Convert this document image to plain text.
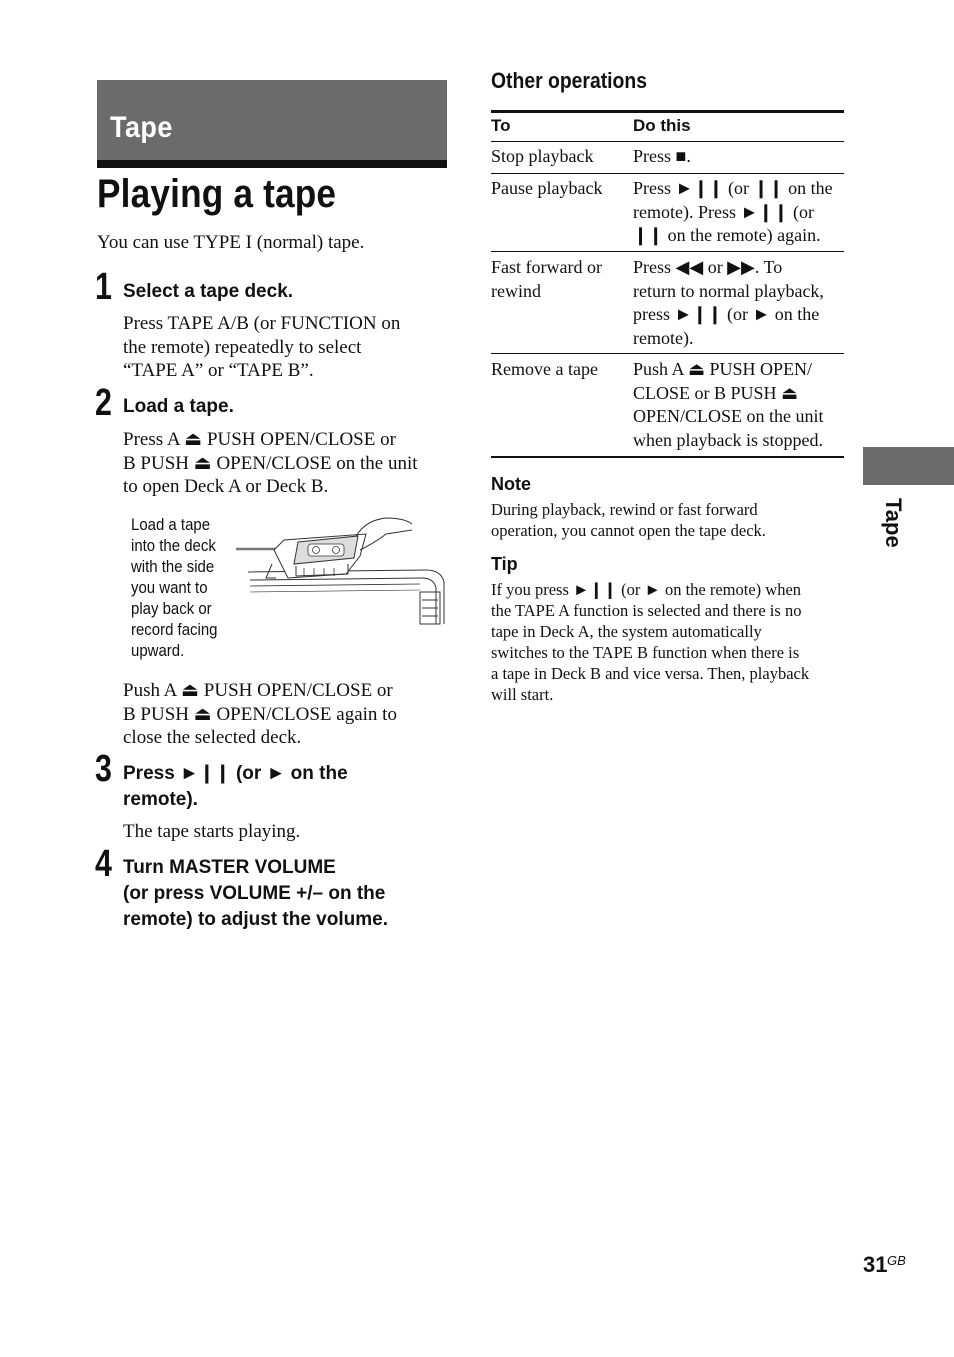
Tape
Playing a tape
You can use TYPE I (normal) tape.
1 Select a tape deck.
Press TAPE A/B (or FUNCTION on
the remote) repeatedly to select
“TAPE A” or “TAPE B”.
2 Load a tape.
Press A ⏏ PUSH OPEN/CLOSE or
B PUSH ⏏ OPEN/CLOSE on the unit
to open Deck A or Deck B.
Load a tape
into the deck
with the side
you want to
play back or
record facing
upward.
Push A ⏏ PUSH OPEN/CLOSE or
B PUSH ⏏ OPEN/CLOSE again to
close the selected deck.
3 Press ►❙❙ (or ► on the
remote).
The tape starts playing.
4 Turn MASTER VOLUME
(or press VOLUME +/– on the
remote) to adjust the volume.
Other operations
To	Do this
Stop playback Press ■.
Pause playback Press ►❙❙ (or ❙❙ on the
remote). Press ►❙❙ (or
❙❙ on the remote) again.
Fast forward or
rewind
Press ◀◀ or ▶▶. To
return to normal playback,
press ►❙❙ (or ► on the
remote).
Remove a tape Push A ⏏ PUSH OPEN/
CLOSE or B PUSH ⏏
OPEN/CLOSE on the unit
when playback is stopped.
Note
During playback, rewind or fast forward
operation, you cannot open the tape deck.
Tip
If you press ►❙❙ (or ► on the remote) when
the TAPE A function is selected and there is no
tape in Deck A, the system automatically
switches to the TAPE B function when there is
a tape in Deck B and vice versa. Then, playback
will start.
Tape
31 GB
